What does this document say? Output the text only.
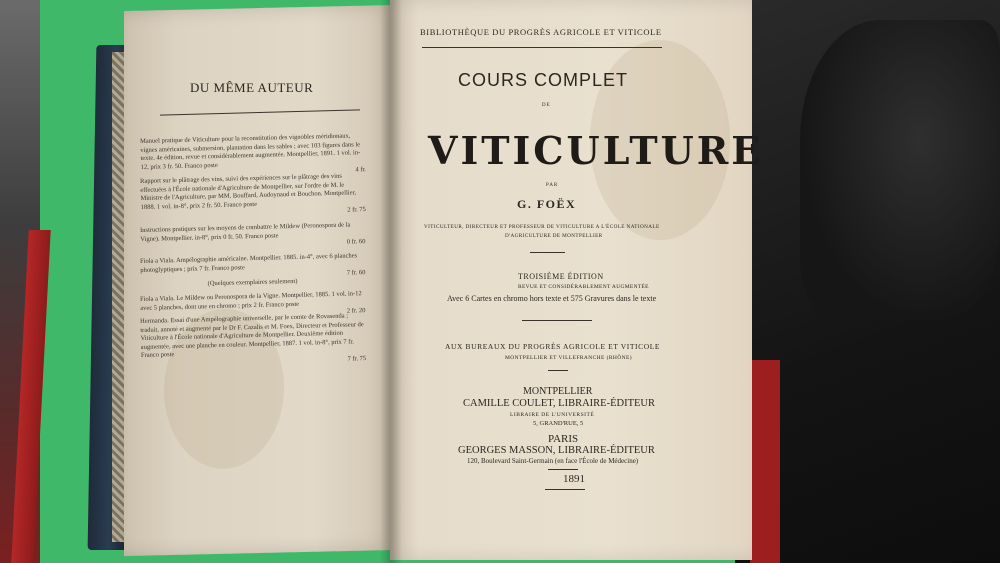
DU MÊME AUTEUR
Manuel pratique de Viticulture pour la reconstitution des vignobles méridionaux, vignes américaines, submersion, plantation dans les sables ; avec 103 figures dans le texte. 4e édition, revue et considérablement augmentée. Montpellier, 1891. 1 vol. in-12, prix 3 fr. 50. Franco poste	4 fr.
Rapport sur le plâtrage des vins, suivi des expériences sur le plâtrage des vins effectuées à l'École nationale d'Agriculture de Montpellier, sur l'ordre de M. le Ministre de l'Agriculture, par MM. Bouffard, Audoynaud et Bouchon. Montpellier, 1888. 1 vol. in-8°, prix 2 fr. 50. Franco poste	2 fr. 75
Instructions pratiques sur les moyens de combattre le Mildew (Peronospora de la Vigne). Montpellier. in-8°, prix 0 fr. 50. Franco poste	0 fr. 60
Fiola a Viala. Ampélographie américaine. Montpellier. 1885. in-4°, avec 6 planches photoglyptiques ; prix 7 fr. Franco poste	7 fr. 60
(Quelques exemplaires seulement)
Fiola a Viala. Le Mildew ou Peronospora de la Vigne. Montpellier, 1885. 1 vol. in-12 avec 5 planches, dont une en chromo ; prix 2 fr. Franco poste	2 fr. 20
Hermanda. Essai d'une Ampélographie universelle, par le comte de Rovasenda ; traduit, annoté et augmenté par le Dr F. Cazalis et M. Foex, Directeur et Professeur de Viticulture à l'École nationale d'Agriculture de Montpellier. Deuxième édition augmentée, avec une planche en couleur. Montpellier, 1887. 1 vol. in-8°, prix 7 fr. Franco poste	7 fr. 75
BIBLIOTHÈQUE DU PROGRÈS AGRICOLE ET VITICOLE
COURS COMPLET
DE
VITICULTURE
PAR
G. FOËX
VITICULTEUR, DIRECTEUR ET PROFESSEUR DE VITICULTURE A L'ÉCOLE NATIONALE
D'AGRICULTURE DE MONTPELLIER
TROISIÈME ÉDITION
REVUE ET CONSIDÉRABLEMENT AUGMENTÉE
Avec 6 Cartes en chromo hors texte et 575 Gravures dans le texte
AUX BUREAUX DU PROGRÈS AGRICOLE ET VITICOLE
MONTPELLIER ET VILLEFRANCHE (RHÔNE)
MONTPELLIER
CAMILLE COULET, LIBRAIRE-ÉDITEUR
LIBRAIRE DE L'UNIVERSITÉ
5, GRAND'RUE, 5
PARIS
GEORGES MASSON, LIBRAIRE-ÉDITEUR
120, Boulevard Saint-Germain (en face l'École de Médecine)
1891
